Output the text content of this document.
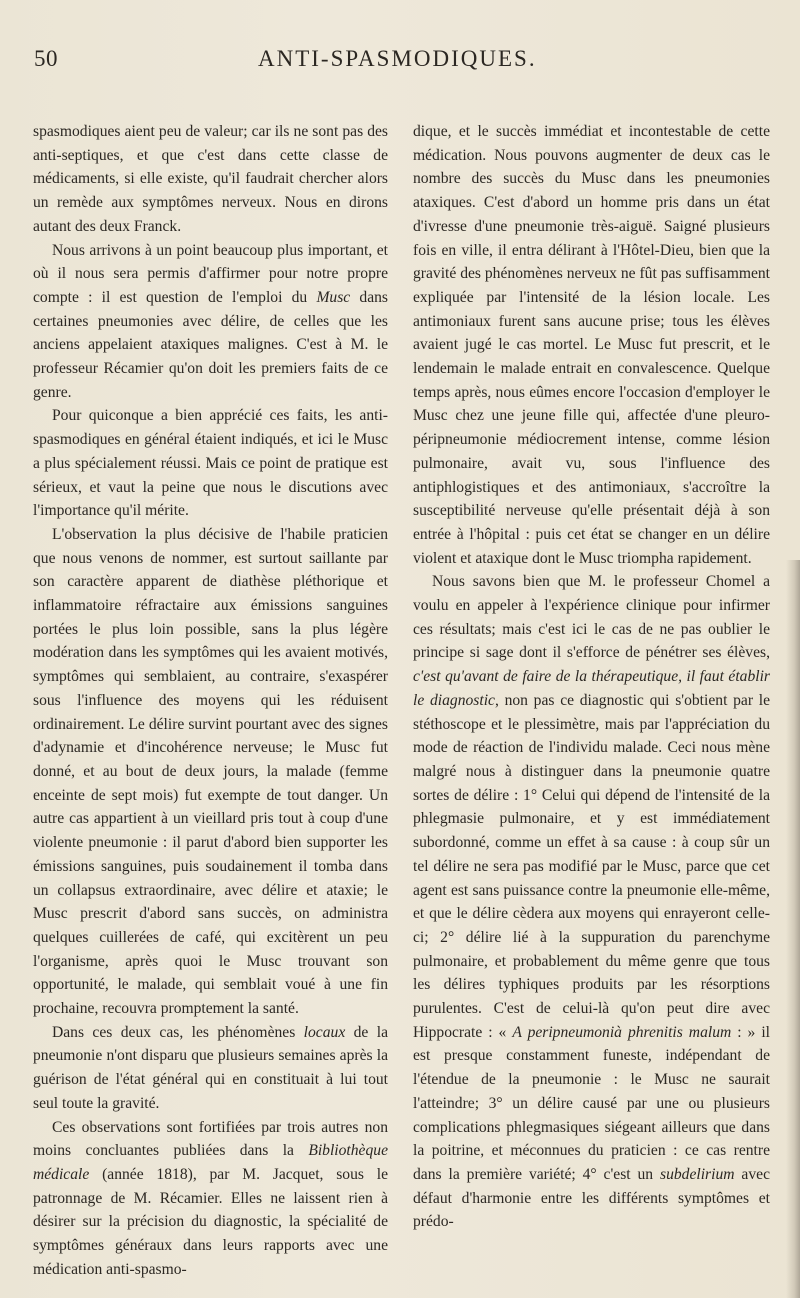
50	ANTI-SPASMODIQUES.

spasmodiques aient peu de valeur; car ils ne sont pas des anti-septiques, et que c'est dans cette classe de médicaments, si elle existe, qu'il faudrait chercher alors un remède aux symptômes nerveux. Nous en dirons autant des deux Franck.

Nous arrivons à un point beaucoup plus important, et où il nous sera permis d'affirmer pour notre propre compte : il est question de l'emploi du Musc dans certaines pneumonies avec délire, de celles que les anciens appelaient ataxiques malignes. C'est à M. le professeur Récamier qu'on doit les premiers faits de ce genre.

Pour quiconque a bien apprécié ces faits, les anti-spasmodiques en général étaient indiqués, et ici le Musc a plus spécialement réussi. Mais ce point de pratique est sérieux, et vaut la peine que nous le discutions avec l'importance qu'il mérite.

L'observation la plus décisive de l'habile praticien que nous venons de nommer, est surtout saillante par son caractère apparent de diathèse pléthorique et inflammatoire réfractaire aux émissions sanguines portées le plus loin possible, sans la plus légère modération dans les symptômes qui les avaient motivés, symptômes qui semblaient, au contraire, s'exaspérer sous l'influence des moyens qui les réduisent ordinairement. Le délire survint pourtant avec des signes d'adynamie et d'incohérence nerveuse; le Musc fut donné, et au bout de deux jours, la malade (femme enceinte de sept mois) fut exempte de tout danger. Un autre cas appartient à un vieillard pris tout à coup d'une violente pneumonie : il parut d'abord bien supporter les émissions sanguines, puis soudainement il tomba dans un collapsus extraordinaire, avec délire et ataxie; le Musc prescrit d'abord sans succès, on administra quelques cuillerées de café, qui excitèrent un peu l'organisme, après quoi le Musc trouvant son opportunité, le malade, qui semblait voué à une fin prochaine, recouvra promptement la santé.

Dans ces deux cas, les phénomènes locaux de la pneumonie n'ont disparu que plusieurs semaines après la guérison de l'état général qui en constituait à lui tout seul toute la gravité.

Ces observations sont fortifiées par trois autres non moins concluantes publiées dans la Bibliothèque médicale (année 1818), par M. Jacquet, sous le patronnage de M. Récamier. Elles ne laissent rien à désirer sur la précision du diagnostic, la spécialité de symptômes généraux dans leurs rapports avec une médication anti-spasmo-

dique, et le succès immédiat et incontestable de cette médication. Nous pouvons augmenter de deux cas le nombre des succès du Musc dans les pneumonies ataxiques. C'est d'abord un homme pris dans un état d'ivresse d'une pneumonie très-aiguë. Saigné plusieurs fois en ville, il entra délirant à l'Hôtel-Dieu, bien que la gravité des phénomènes nerveux ne fût pas suffisamment expliquée par l'intensité de la lésion locale. Les antimoniaux furent sans aucune prise; tous les élèves avaient jugé le cas mortel. Le Musc fut prescrit, et le lendemain le malade entrait en convalescence. Quelque temps après, nous eûmes encore l'occasion d'employer le Musc chez une jeune fille qui, affectée d'une pleuro-péripneumonie médiocrement intense, comme lésion pulmonaire, avait vu, sous l'influence des antiphlogistiques et des antimoniaux, s'accroître la susceptibilité nerveuse qu'elle présentait déjà à son entrée à l'hôpital : puis cet état se changer en un délire violent et ataxique dont le Musc triompha rapidement.

Nous savons bien que M. le professeur Chomel a voulu en appeler à l'expérience clinique pour infirmer ces résultats; mais c'est ici le cas de ne pas oublier le principe si sage dont il s'efforce de pénétrer ses élèves, c'est qu'avant de faire de la thérapeutique, il faut établir le diagnostic, non pas ce diagnostic qui s'obtient par le stéthoscope et le plessimètre, mais par l'appréciation du mode de réaction de l'individu malade. Ceci nous mène malgré nous à distinguer dans la pneumonie quatre sortes de délire : 1° Celui qui dépend de l'intensité de la phlegmasie pulmonaire, et y est immédiatement subordonné, comme un effet à sa cause : à coup sûr un tel délire ne sera pas modifié par le Musc, parce que cet agent est sans puissance contre la pneumonie elle-même, et que le délire cèdera aux moyens qui enrayeront celle-ci; 2° délire lié à la suppuration du parenchyme pulmonaire, et probablement du même genre que tous les délires typhiques produits par les résorptions purulentes. C'est de celui-là qu'on peut dire avec Hippocrate : « A peripneumonià phrenitis malum : » il est presque constamment funeste, indépendant de l'étendue de la pneumonie : le Musc ne saurait l'atteindre; 3° un délire causé par une ou plusieurs complications phlegmasiques siégeant ailleurs que dans la poitrine, et méconnues du praticien : ce cas rentre dans la première variété; 4° c'est un subdelirium avec défaut d'harmonie entre les différents symptômes et prédo-
